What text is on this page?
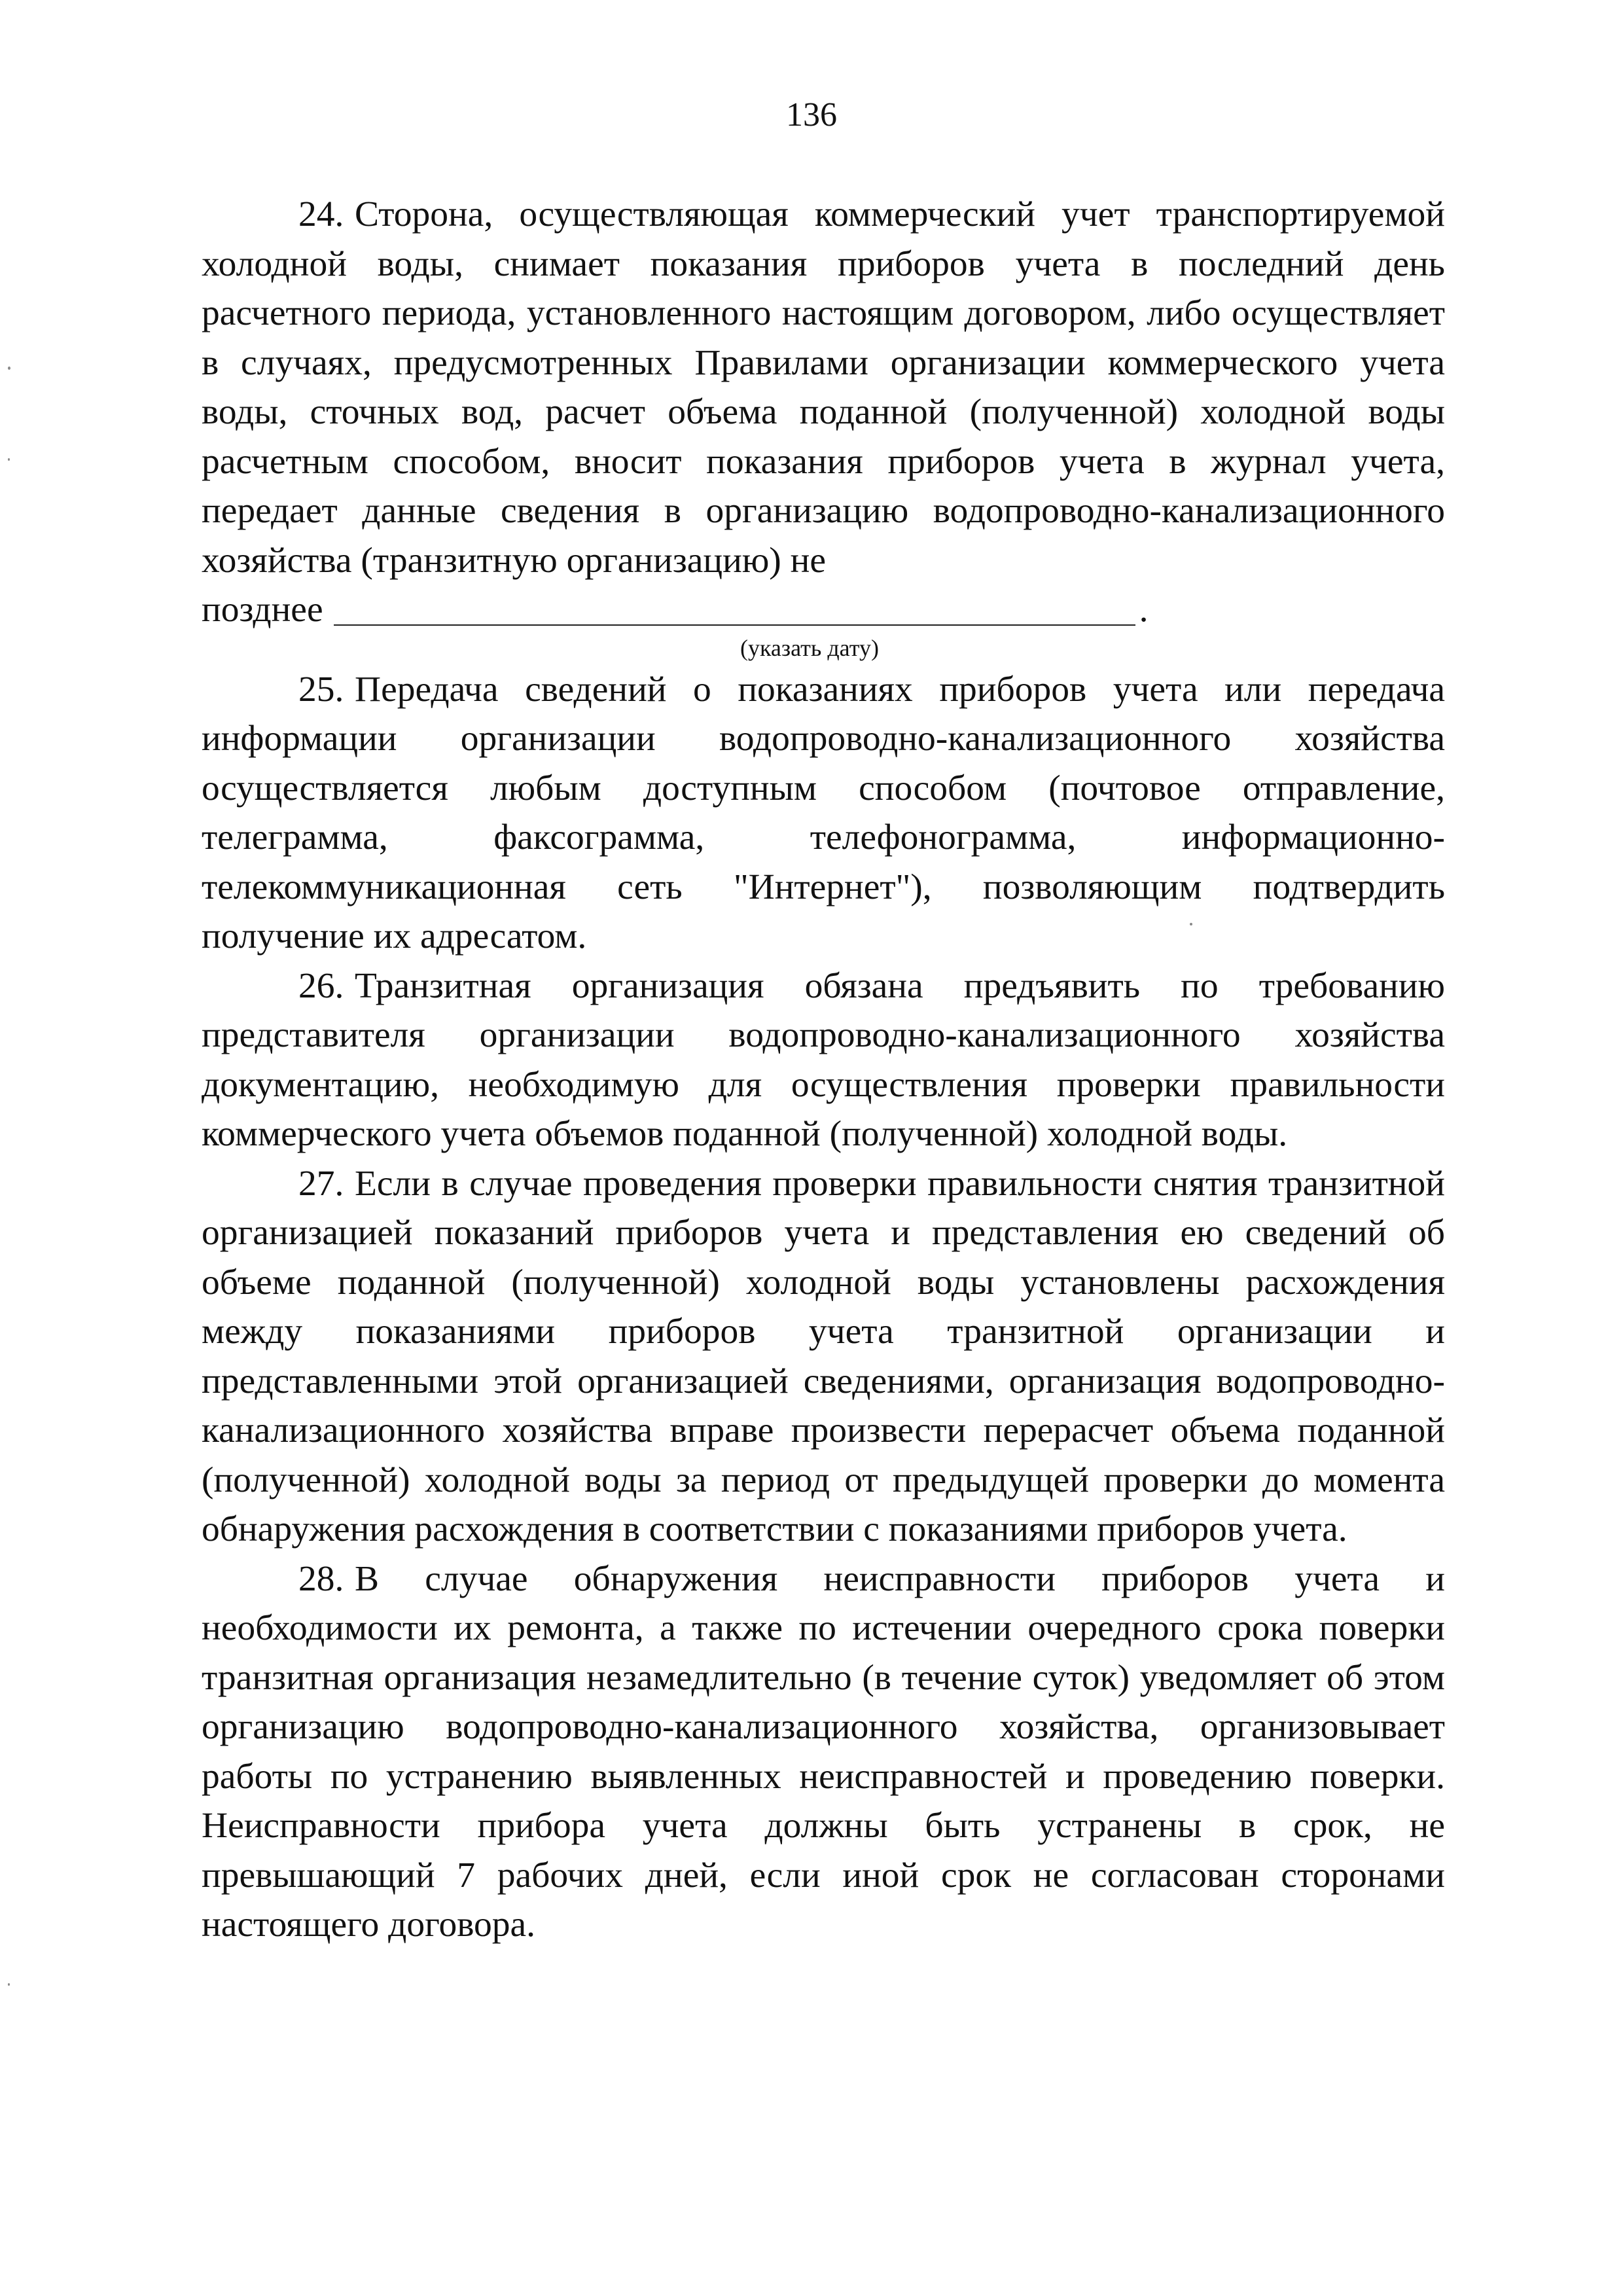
136

24. Сторона, осуществляющая коммерческий учет транспортируемой холодной воды, снимает показания приборов учета в последний день расчетного периода, установленного настоящим договором, либо осуществляет в случаях, предусмотренных Правилами организации коммерческого учета воды, сточных вод, расчет объема поданной (полученной) холодной воды расчетным способом, вносит показания приборов учета в журнал учета, передает данные сведения в организацию водопроводно-канализационного хозяйства (транзитную организацию) не

позднее	.

(указать дату)

25. Передача сведений о показаниях приборов учета или передача информации организации водопроводно-канализационного хозяйства осуществляется любым доступным способом (почтовое отправление, телеграмма, факсограмма, телефонограмма, информационно-телекоммуникационная сеть "Интернет"), позволяющим подтвердить получение их адресатом.

26. Транзитная организация обязана предъявить по требованию представителя организации водопроводно-канализационного хозяйства документацию, необходимую для осуществления проверки правильности коммерческого учета объемов поданной (полученной) холодной воды.

27. Если в случае проведения проверки правильности снятия транзитной организацией показаний приборов учета и представления ею сведений об объеме поданной (полученной) холодной воды установлены расхождения между показаниями приборов учета транзитной организации и представленными этой организацией сведениями, организация водопроводно-канализационного хозяйства вправе произвести перерасчет объема поданной (полученной) холодной воды за период от предыдущей проверки до момента обнаружения расхождения в соответствии с показаниями приборов учета.

28. В случае обнаружения неисправности приборов учета и необходимости их ремонта, а также по истечении очередного срока поверки транзитная организация незамедлительно (в течение суток) уведомляет об этом организацию водопроводно-канализационного хозяйства, организовывает работы по устранению выявленных неисправностей и проведению поверки. Неисправности прибора учета должны быть устранены в срок, не превышающий 7 рабочих дней, если иной срок не согласован сторонами настоящего договора.
